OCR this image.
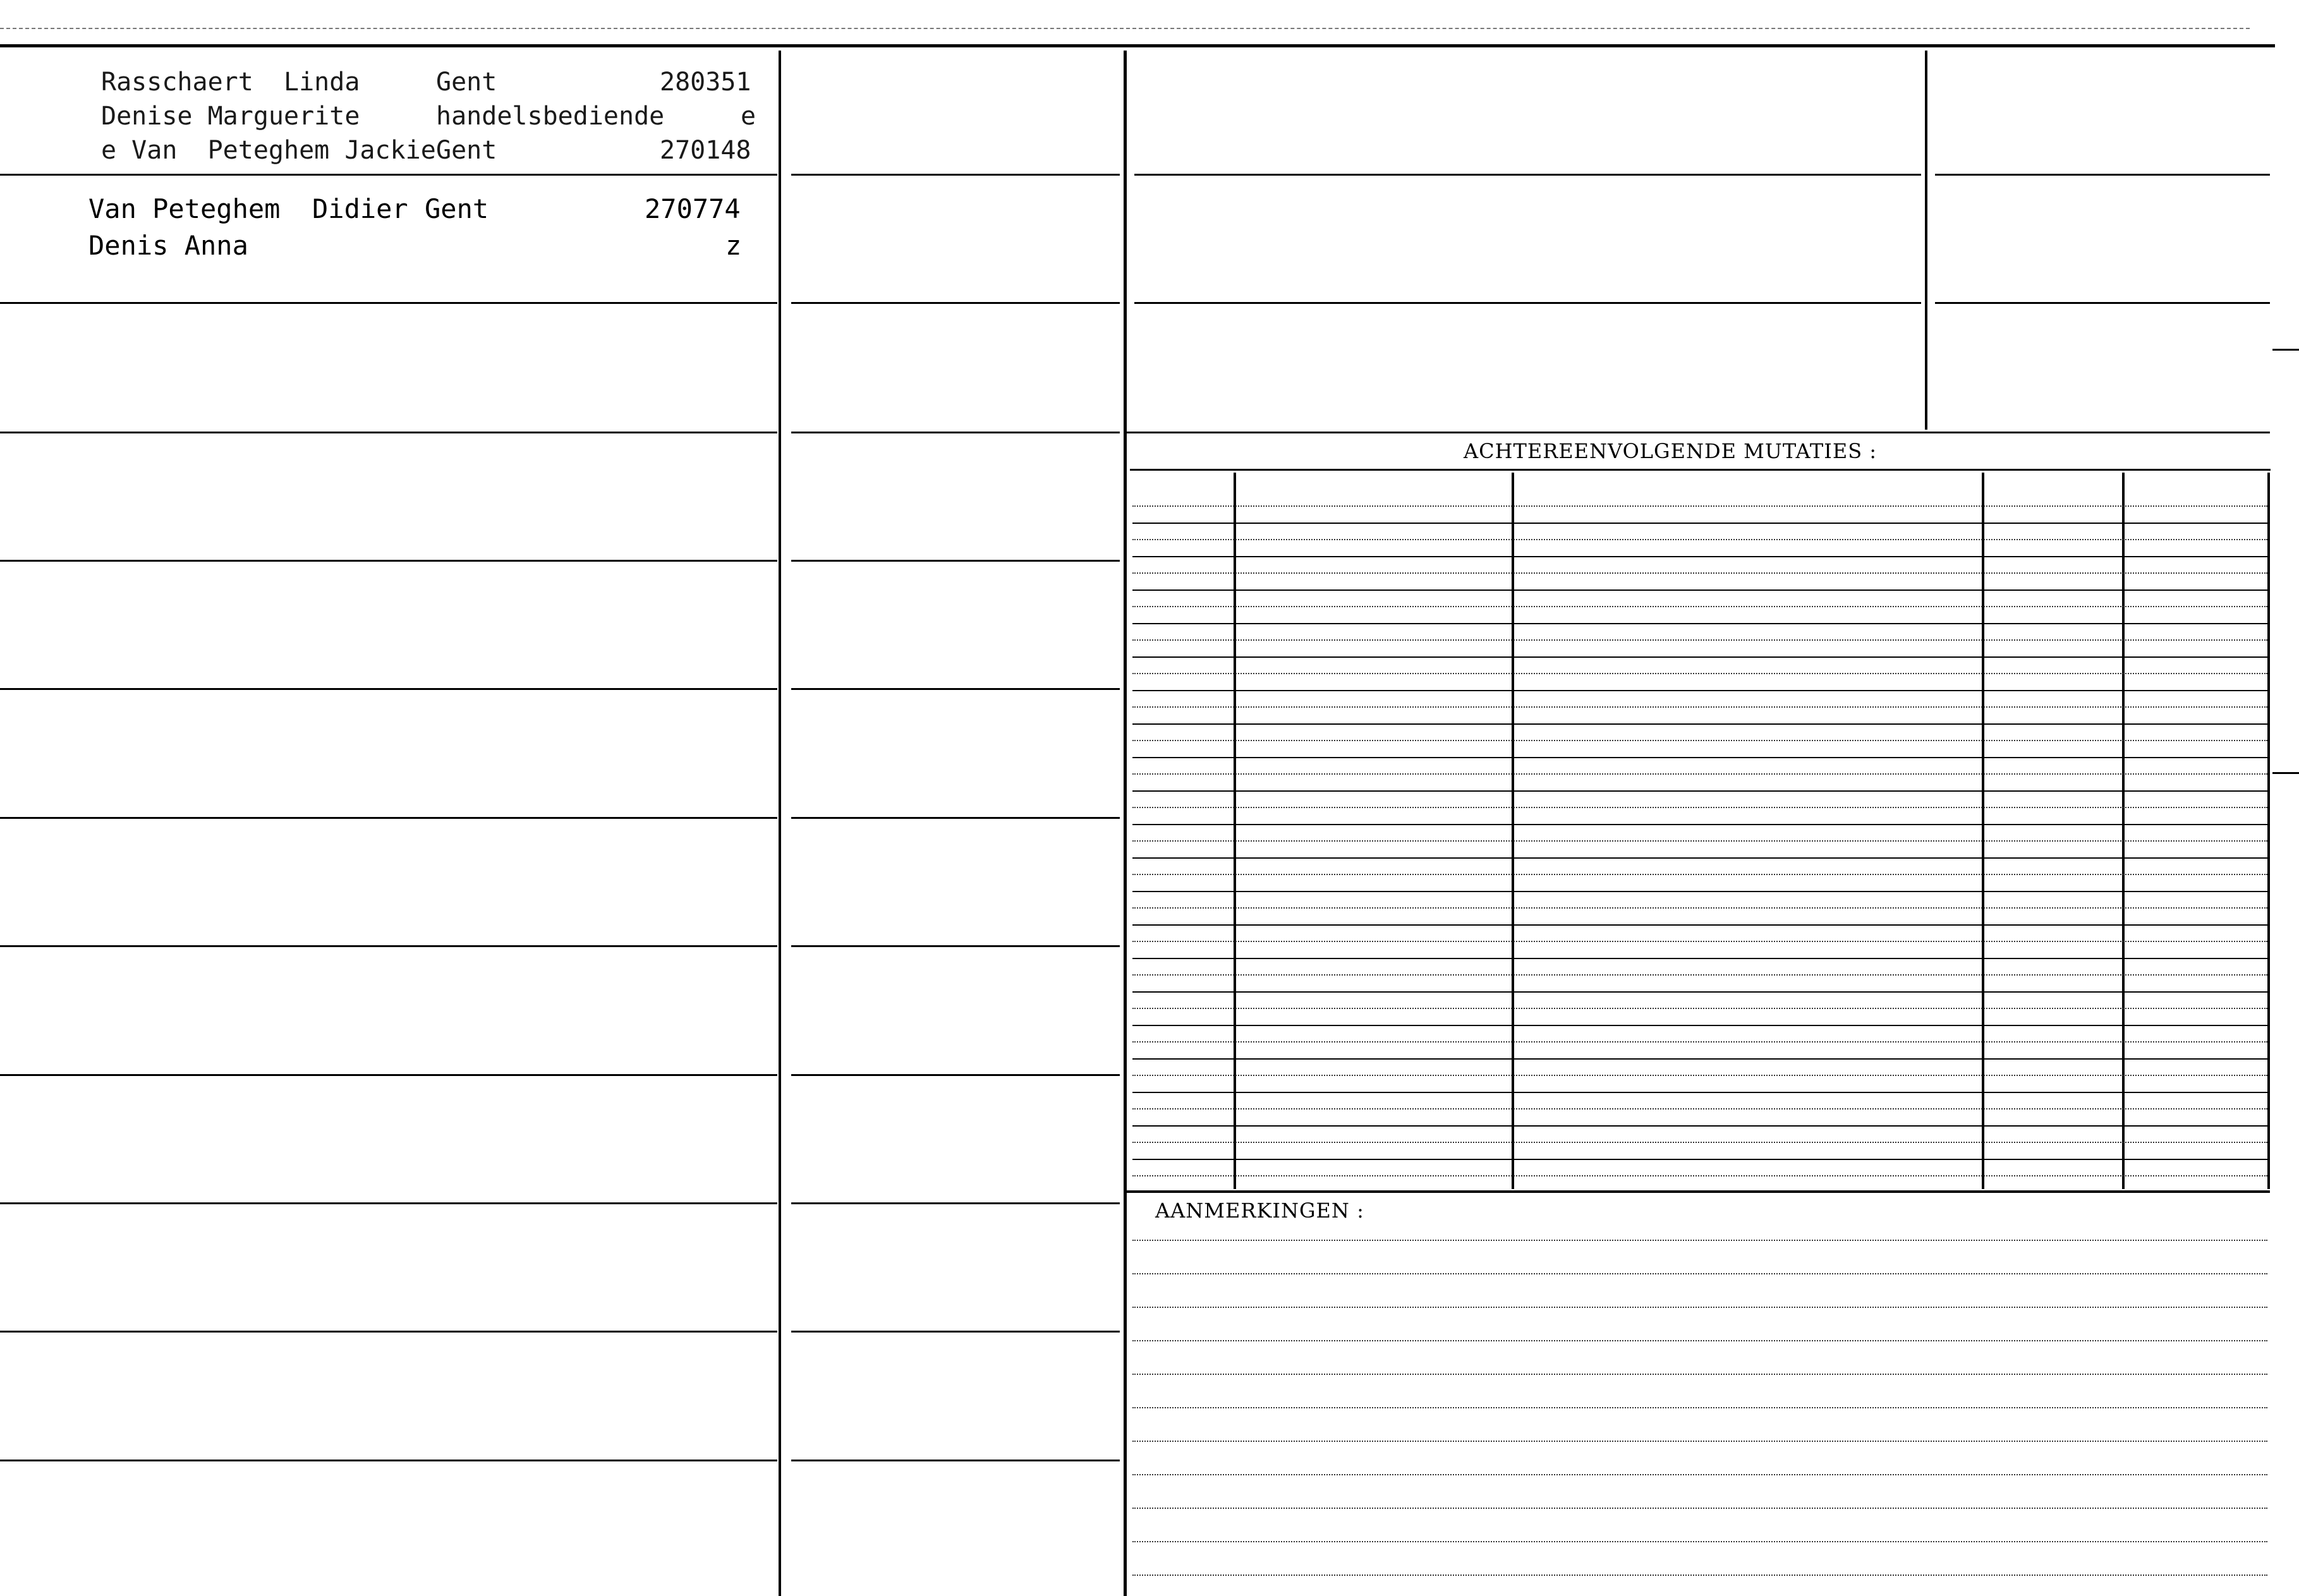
ACHTEREENVOLGENDE MUTATIES :
AANMERKINGEN :
Rasschaert  Linda	Gent	280351
Denise Marguerite	handelsbediende	e
e Van  Peteghem Jackie Gent	270148
Van Peteghem  Didier Gent	270774
Denis Anna	z
